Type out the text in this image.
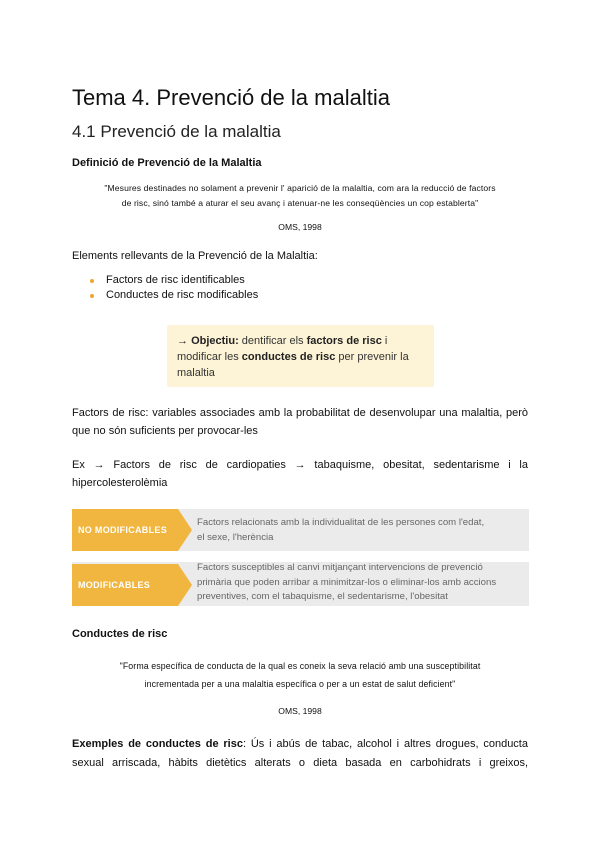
Tema 4. Prevenció de la malaltia
4.1 Prevenció de la malaltia
Definició de Prevenció de la Malaltia
"Mesures destinades no solament a prevenir l' aparició de la malaltia, com ara la reducció de factors
de risc, sinó també a aturar el seu avanç i atenuar-ne les conseqüències un cop establerta"
OMS, 1998
Elements rellevants de la Prevenció de la Malaltia:
Factors de risc identificables
Conductes de risc modificables
→ Objectiu: dentificar els factors de risc i modificar les conductes de risc per prevenir la malaltia
Factors de risc: variables associades amb la probabilitat de desenvolupar una malaltia, però
que no són suficients per provocar-les
Ex → Factors de risc de cardiopaties → tabaquisme, obesitat, sedentarisme i la
hipercolesterolèmia
NO MODIFICABLES
Factors relacionats amb la individualitat de les persones com l'edat,
el sexe, l'herència
MODIFICABLES
Factors susceptibles al canvi mitjançant intervencions de prevenció
primària que poden arribar a minimitzar-los o eliminar-los amb accions
preventives, com el tabaquisme, el sedentarisme, l'obesitat
Conductes de risc
"Forma específica de conducta de la qual es coneix la seva relació amb una susceptibilitat
incrementada per a una malaltia específica o per a un estat de salut deficient"
OMS, 1998
Exemples de conductes de risc: Ús i abús de tabac, alcohol i altres drogues, conducta
sexual arriscada, hàbits dietètics alterats o dieta basada en carbohidrats i greixos,
